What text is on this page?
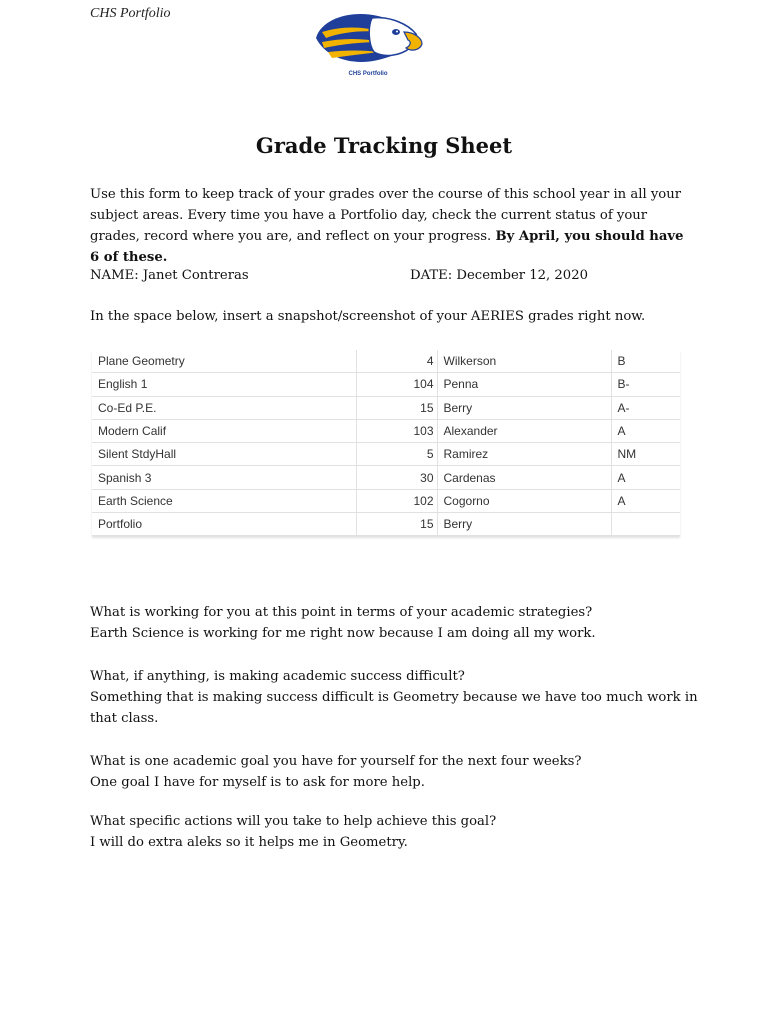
CHS Portfolio
CHS Portfolio
Grade Tracking Sheet

Use this form to keep track of your grades over the course of this school year in all your subject areas. Every time you have a Portfolio day, check the current status of your grades, record where you are, and reflect on your progress. By April, you should have 6 of these.

NAME: Janet Contreras	DATE: December 12, 2020
In the space below, insert a snapshot/screenshot of your AERIES grades right now.
Plane Geometry	4	Wilkerson	B
English 1	104	Penna	B-
Co-Ed P.E.	15	Berry	A-
Modern Calif	103	Alexander	A
Silent StdyHall	5	Ramirez	NM
Spanish 3	30	Cardenas	A
Earth Science	102	Cogorno	A
Portfolio	15	Berry	

What is working for you at this point in terms of your academic strategies?
Earth Science is working for me right now because I am doing all my work.

What, if anything, is making academic success difficult?
Something that is making success difficult is Geometry because we have too much work in that class.

What is one academic goal you have for yourself for the next four weeks?
One goal I have for myself is to ask for more help.

What specific actions will you take to help achieve this goal?
I will do extra aleks so it helps me in Geometry.
